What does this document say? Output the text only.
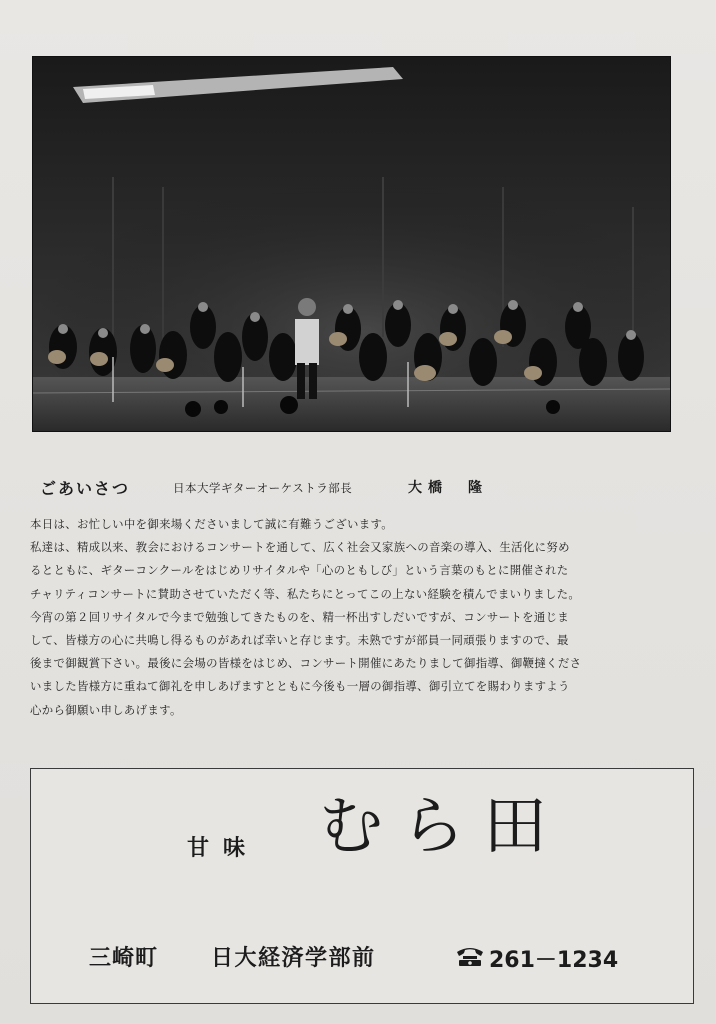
ごあいさつ	日本大学ギターオーケストラ部長	大橋　隆
本日は、お忙しい中を御来場くださいまして誠に有難うございます。
私達は、精成以来、教会におけるコンサートを通して、広く社会又家族への音楽の導入、生活化に努め
るとともに、ギターコンクールをはじめリサイタルや「心のともしび」という言葉のもとに開催された
チャリティコンサートに賛助させていただく等、私たちにとってこの上ない経験を積んでまいりました。
今宵の第２回リサイタルで今まで勉強してきたものを、精一杯出すしだいですが、コンサートを通じま
して、皆様方の心に共鳴し得るものがあれば幸いと存じます。未熟ですが部員一同頑張りますので、最
後まで御観賞下さい。最後に会場の皆様をはじめ、コンサート開催にあたりまして御指導、御鞭撻くださ
いました皆様方に重ねて御礼を申しあげますとともに今後も一層の御指導、御引立てを賜わりますよう
心から御願い申しあげます。
甘味 むら田
三崎町 日大経済学部前	261－1234
